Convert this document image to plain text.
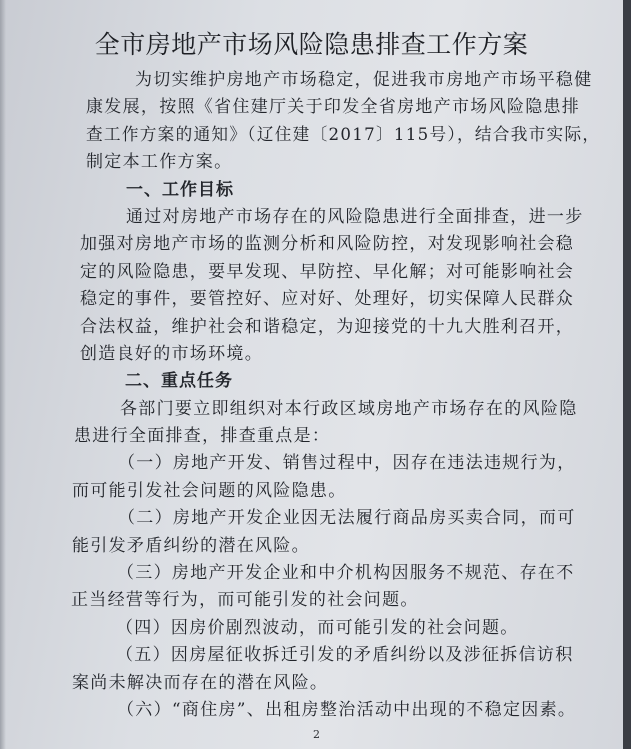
全市房地产市场风险隐患排查工作方案
为切实维护房地产市场稳定，促进我市房地产市场平稳健
康发展，按照《省住建厅关于印发全省房地产市场风险隐患排
查工作方案的通知》（辽住建〔2017〕115号），结合我市实际，
制定本工作方案。
一、工作目标
通过对房地产市场存在的风险隐患进行全面排查，进一步
加强对房地产市场的监测分析和风险防控，对发现影响社会稳
定的风险隐患，要早发现、早防控、早化解；对可能影响社会
稳定的事件，要管控好、应对好、处理好，切实保障人民群众
合法权益，维护社会和谐稳定，为迎接党的十九大胜利召开，
创造良好的市场环境。
二、重点任务
各部门要立即组织对本行政区域房地产市场存在的风险隐
患进行全面排查，排查重点是：
（一）房地产开发、销售过程中，因存在违法违规行为，
而可能引发社会问题的风险隐患。
（二）房地产开发企业因无法履行商品房买卖合同，而可
能引发矛盾纠纷的潜在风险。
（三）房地产开发企业和中介机构因服务不规范、存在不
正当经营等行为，而可能引发的社会问题。
（四）因房价剧烈波动，而可能引发的社会问题。
（五）因房屋征收拆迁引发的矛盾纠纷以及涉征拆信访积
2
案尚未解决而存在的潜在风险。
（六）“商住房”、出租房整治活动中出现的不稳定因素。
